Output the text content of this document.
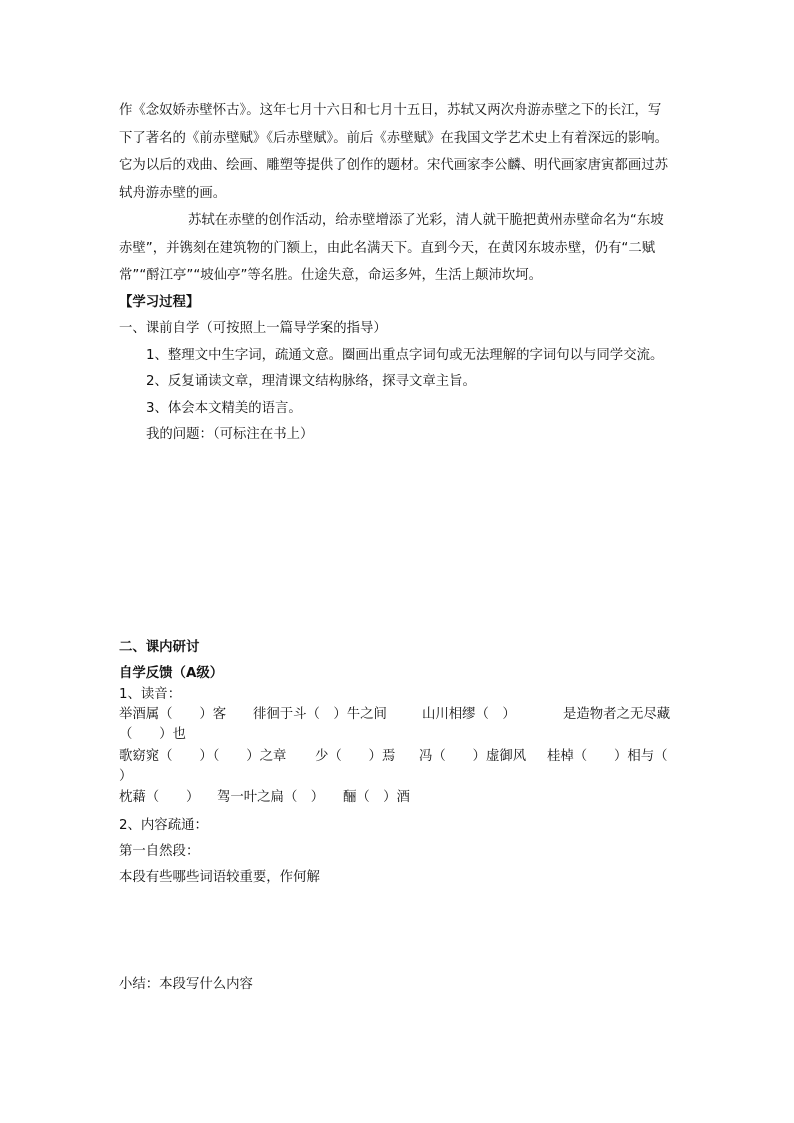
作《念奴娇赤壁怀古》。这年七月十六日和七月十五日，苏轼又两次舟游赤壁之下的长江，写
下了著名的《前赤壁赋》《后赤壁赋》。前后《赤壁赋》在我国文学艺术史上有着深远的影响。
它为以后的戏曲、绘画、雕塑等提供了创作的题材。宋代画家李公麟、明代画家唐寅都画过苏
轼舟游赤壁的画。
苏轼在赤壁的创作活动，给赤壁增添了光彩，清人就干脆把黄州赤壁命名为“东坡
赤壁”，并镌刻在建筑物的门额上，由此名满天下。直到今天，在黄冈东坡赤壁，仍有“二赋
常”“酹江亭”“坡仙亭”等名胜。仕途失意，命运多舛，生活上颠沛坎坷。
【学习过程】
一、课前自学（可按照上一篇导学案的指导）
1、整理文中生字词，疏通文意。圈画出重点字词句或无法理解的字词句以与同学交流。
2、反复诵读文章，理清课文结构脉络，探寻文章主旨。
3、体会本文精美的语言。
我的问题：（可标注在书上）
二、课内研讨
自学反馈（A级）
1、读音：
举酒属（　　）客 徘徊于斗（　）牛之间	山川相缪（　）	是造物者之无尽藏
（　　）也
歌窈窕（　　）（　　）之章 少（　　）焉 冯（　　）虚御风 桂棹（　　）相与（
）
枕藉（　　） 驾一叶之扁（　） 酾（　）酒
2、内容疏通：
第一自然段：
本段有些哪些词语较重要，作何解
小结：本段写什么内容
